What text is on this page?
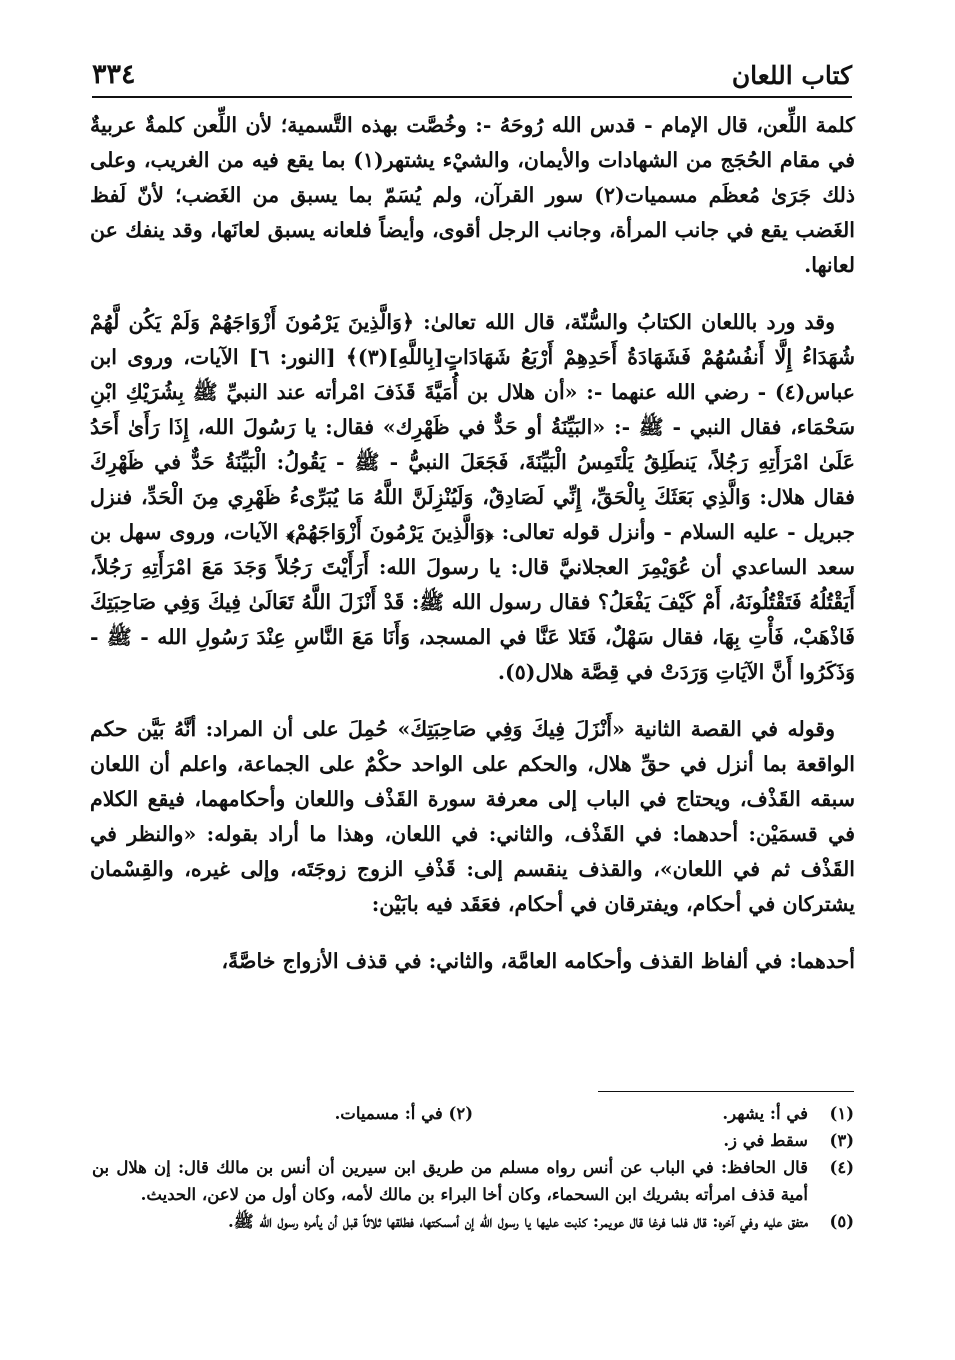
كتاب اللعان
٣٣٤

كلمة اللِّعن، قال الإمام - قدس الله رُوحَهُ -: وخُصَّت بهذه التَّسمية؛ لأن اللِّعن كلمةٌ عربيةٌ في مقام الحُجَج من الشهادات والأيمان، والشيْء يشتهر(١) بما يقع فيه من الغريب، وعلى ذلك جَرَىٰ مُعظَم مسميات(٢) سور القرآن، ولم يُسَمّ بما يسبق من الغَضب؛ لأنّ لَفظ الغَضب يقع في جانب المرأة، وجانب الرجل أقوى، وأيضاً فلعانه يسبق لعانَها، وقد ينفك عن لعانها.

وقد ورد باللعان الكتابُ والسُّنّة، قال الله تعالىٰ: ﴿وَالَّذِينَ يَرْمُونَ أَزْوَاجَهُمْ وَلَمْ يَكُن لَّهُمْ شُهَدَاءُ إِلَّا أَنفُسُهُمْ فَشَهَادَةُ أَحَدِهِمْ أَرْبَعُ شَهَادَاتٍ[بِاللَّهِ](٣)﴾ [النور: ٦] الآيات، وروى ابن عباس(٤) - رضي الله عنهما -: «أن هلال بن أُمَيَّةَ قَذَفَ امْرأته عند النبيِّ ﷺ بِشُرَيْكِ ابْنِ سَحْمَاء، فقال النبي - ﷺ -: «البَيِّنَةُ أو حَدٌّ في ظَهْرِك» فقال: يا رَسُولَ الله، إِذَا رَأَىٰ أَحَدُ عَلَىٰ امْرَأَتِهِ رَجُلاً، يَنطَلِقُ يَلْتَمِسُ الْبَيِّنَةَ، فَجَعَلَ النبيُّ - ﷺ - يَقُولُ: الْبَيِّنَةُ حَدٌّ في ظَهْرِكَ فقال هلال: وَالَّذِي بَعَثَكَ بِالْحَقِّ، إِنِّي لَصَادِقٌ، وَلَيُنْزِلَنَّ اللَّهُ مَا يُبَرِّىءُ ظَهْرِي مِنَ الْحَدِّ، فنزل جبريل - عليه السلام - وأنزل قوله تعالى: ﴿وَالَّذِينَ يَرْمُونَ أَزْوَاجَهُمْ﴾ الآيات، وروى سهل بن سعد الساعدي أن عُوَيْمِرَ العجلانيَّ قال: يا رسولَ الله: أَرَأَيْتَ رَجُلاً وَجَدَ مَعَ امْرَأَتِهِ رَجُلاً، أَيَقْتُلُهُ فَتَقْتُلُونَهُ، أَمْ كَيْفَ يَفْعَلُ؟ فقال رسول الله ﷺ: قَدْ أَنْزَلَ اللَّهُ تَعَالَىٰ فِيكَ وَفِي صَاحِبَتِكَ فَاذْهَبْ، فَأْتِ بِهَا، فقال سَهْلٌ، فَتَلا عَنَّا في المسجد، وَأَنَا مَعَ النَّاسِ عِنْدَ رَسُولِ الله - ﷺ - وَذَكَرُوا أَنَّ الآيَاتِ وَرَدَتْ في قِصَّة هلال(٥).

وقوله في القصة الثانية «أَنْزَلَ فِيكَ وَفِي صَاحِبَتِكَ» حُمِلَ على أن المراد: أنَّهُ بَيَّن حكم الواقعة بما أنزل في حقِّ هلال، والحكم على الواحد حكْمٌ على الجماعة، واعلم أن اللعان سبقه القَذْف، ويحتاج في الباب إلى معرفة سورة القَذْف واللعان وأحكامهما، فيقع الكلام في قسمَيْن: أحدهما: في القَذْف، والثاني: في اللعان، وهذا ما أراد بقوله: «والنظر في القَذْف ثم في اللعان»، والقذف ينقسم إلى: قَذْفِ الزوج زوجَتَه، وإلى غيره، والقِسْمان يشتركان في أحكام، ويفترقان في أحكام، فعَقَد فيه بابَيْن:

أحدهما: في ألفاظ القذف وأحكامه العامَّة، والثاني: في قذف الأزواج خاصَّةً،

(١)
في أ: يشهر.
(٢) في أ: مسميات.
(٣)
سقط في ز.
(٤)
قال الحافظ: في الباب عن أنس رواه مسلم من طريق ابن سيرين أن أنس بن مالك قال: إن هلال بن أمية قذف امرأته بشريك ابن السحماء، وكان أخا البراء بن مالك لأمه، وكان أول من لاعن، الحديث.
(٥)
متفق عليه وفي آخره: قال فلما فرغا قال عويمر: كذبت عليها يا رسول الله إن أمسكتها، فطلقها ثلاثاً قبل أن يأمره رسول الله ﷺ.
